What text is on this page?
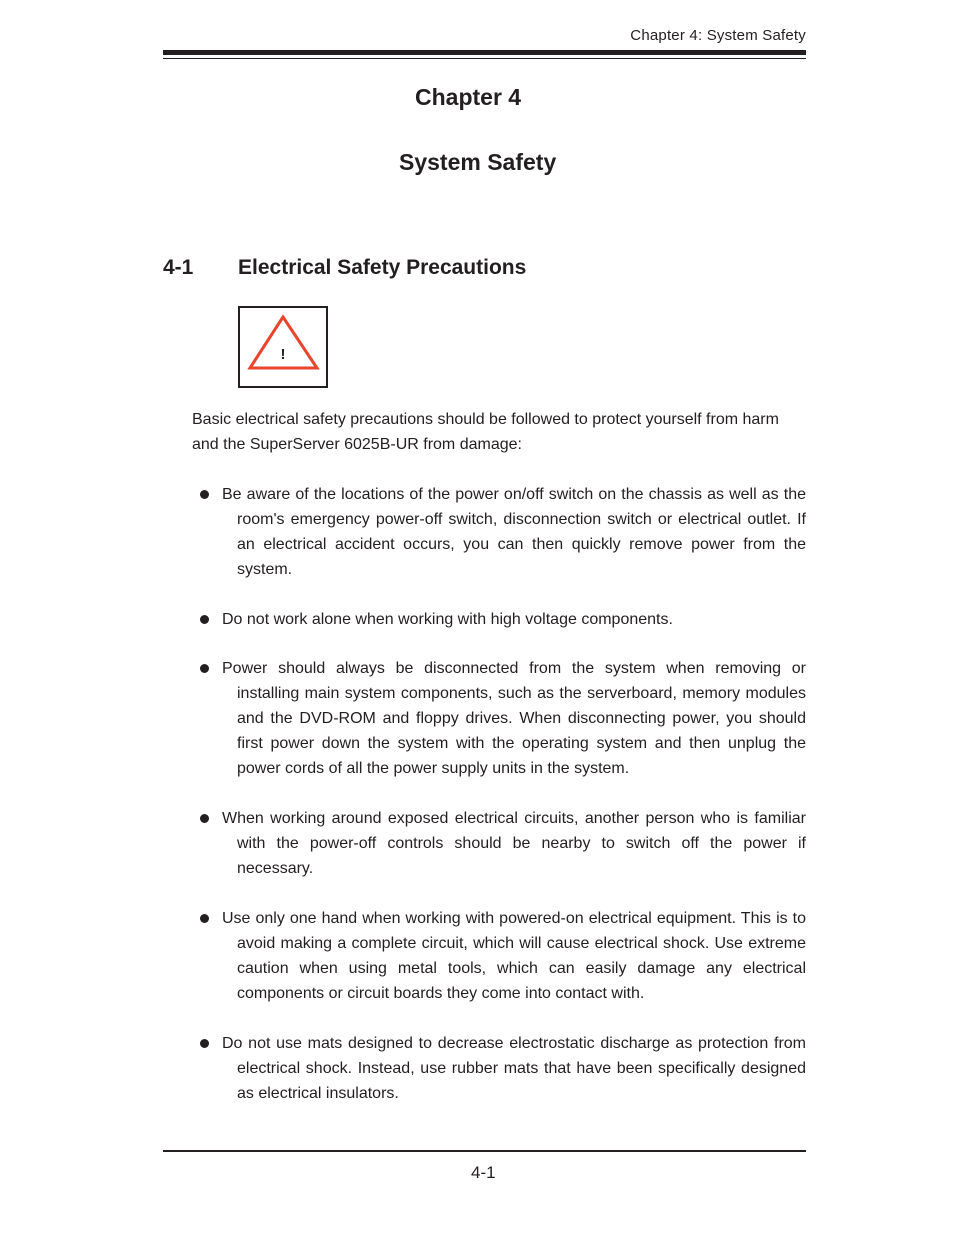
Chapter 4: System Safety
Chapter 4
System Safety
4-1 Electrical Safety Precautions
!
Basic electrical safety precautions should be followed to protect yourself from harm and the SuperServer 6025B-UR from damage:

Be aware of the locations of the power on/off switch on the chassis as well as the room's emergency power-off switch, disconnection switch or electrical outlet. If an electrical accident occurs, you can then quickly remove power from the system.

Do not work alone when working with high voltage components.

Power should always be disconnected from the system when removing or installing main system components, such as the serverboard, memory modules and the DVD-ROM and floppy drives. When disconnecting power, you should first power down the system with the operating system and then unplug the power cords of all the power supply units in the system.

When working around exposed electrical circuits, another person who is familiar with the power-off controls should be nearby to switch off the power if necessary.

Use only one hand when working with powered-on electrical equipment. This is to avoid making a complete circuit, which will cause electrical shock. Use extreme caution when using metal tools, which can easily damage any electrical components or circuit boards they come into contact with.

Do not use mats designed to decrease electrostatic discharge as protection from electrical shock. Instead, use rubber mats that have been specifically designed as electrical insulators.

4-1
